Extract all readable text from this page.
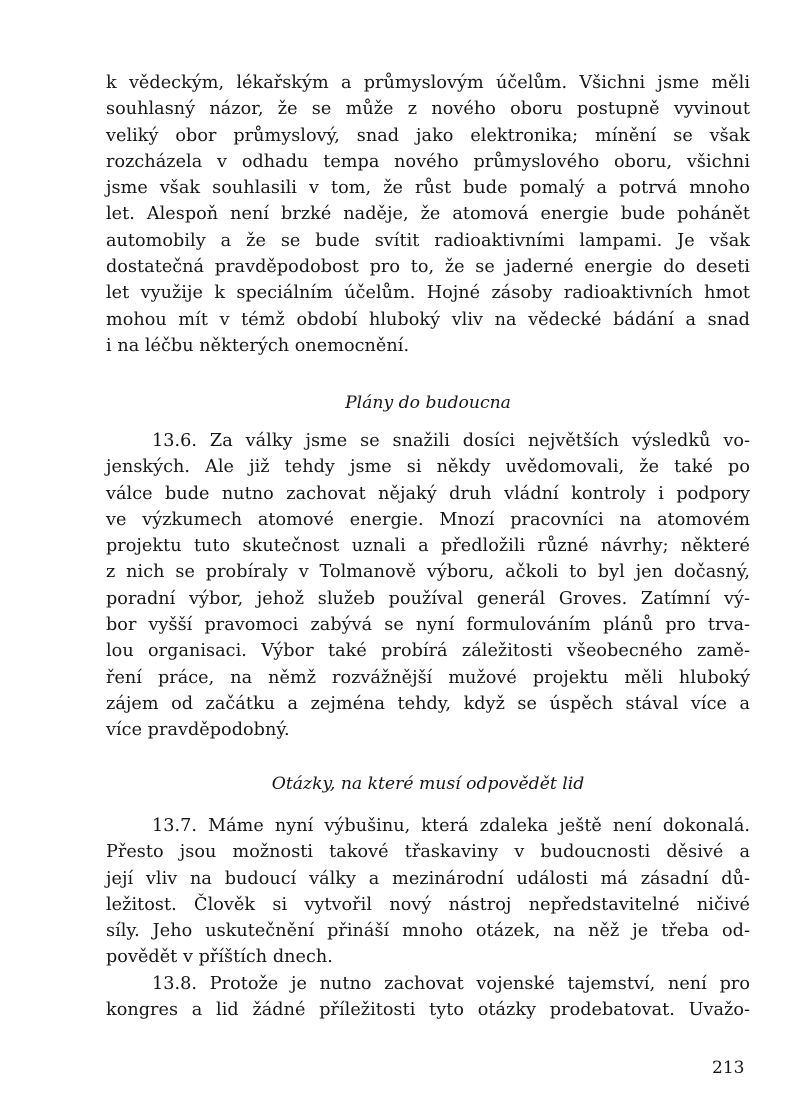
k vědeckým, lékařským a průmyslovým účelům. Všichni jsme měli
souhlasný názor, že se může z nového oboru postupně vyvinout
veliký obor průmyslový, snad jako elektronika; mínění se však
rozcházela v odhadu tempa nového průmyslového oboru, všichni
jsme však souhlasili v tom, že růst bude pomalý a potrvá mnoho
let. Alespoň není brzké naděje, že atomová energie bude pohánět
automobily a že se bude svítit radioaktivními lampami. Je však
dostatečná pravděpodobost pro to, že se jaderné energie do deseti
let využije k speciálním účelům. Hojné zásoby radioaktivních hmot
mohou mít v témž období hluboký vliv na vědecké bádání a snad
i na léčbu některých onemocnění.

Plány do budoucna

13.6. Za války jsme se snažili dosíci největších výsledků vo-
jenských. Ale již tehdy jsme si někdy uvědomovali, že také po
válce bude nutno zachovat nějaký druh vládní kontroly i podpory
ve výzkumech atomové energie. Mnozí pracovníci na atomovém
projektu tuto skutečnost uznali a předložili různé návrhy; některé
z nich se probíraly v Tolmanově výboru, ačkoli to byl jen dočasný,
poradní výbor, jehož služeb používal generál Groves. Zatímní vý-
bor vyšší pravomoci zabývá se nyní formulováním plánů pro trva-
lou organisaci. Výbor také probírá záležitosti všeobecného zamě-
ření práce, na němž rozvážnější mužové projektu měli hluboký
zájem od začátku a zejména tehdy, když se úspěch stával více a
více pravděpodobný.

Otázky, na které musí odpovědět lid

13.7. Máme nyní výbušinu, která zdaleka ještě není dokonalá.
Přesto jsou možnosti takové třaskaviny v budoucnosti děsivé a
její vliv na budoucí války a mezinárodní události má zásadní dů-
ležitost. Člověk si vytvořil nový nástroj nepředstavitelné ničivé
síly. Jeho uskutečnění přináší mnoho otázek, na něž je třeba od-
povědět v příštích dnech.
13.8. Protože je nutno zachovat vojenské tajemství, není pro
kongres a lid žádné příležitosti tyto otázky prodebatovat. Uvažo-

213
